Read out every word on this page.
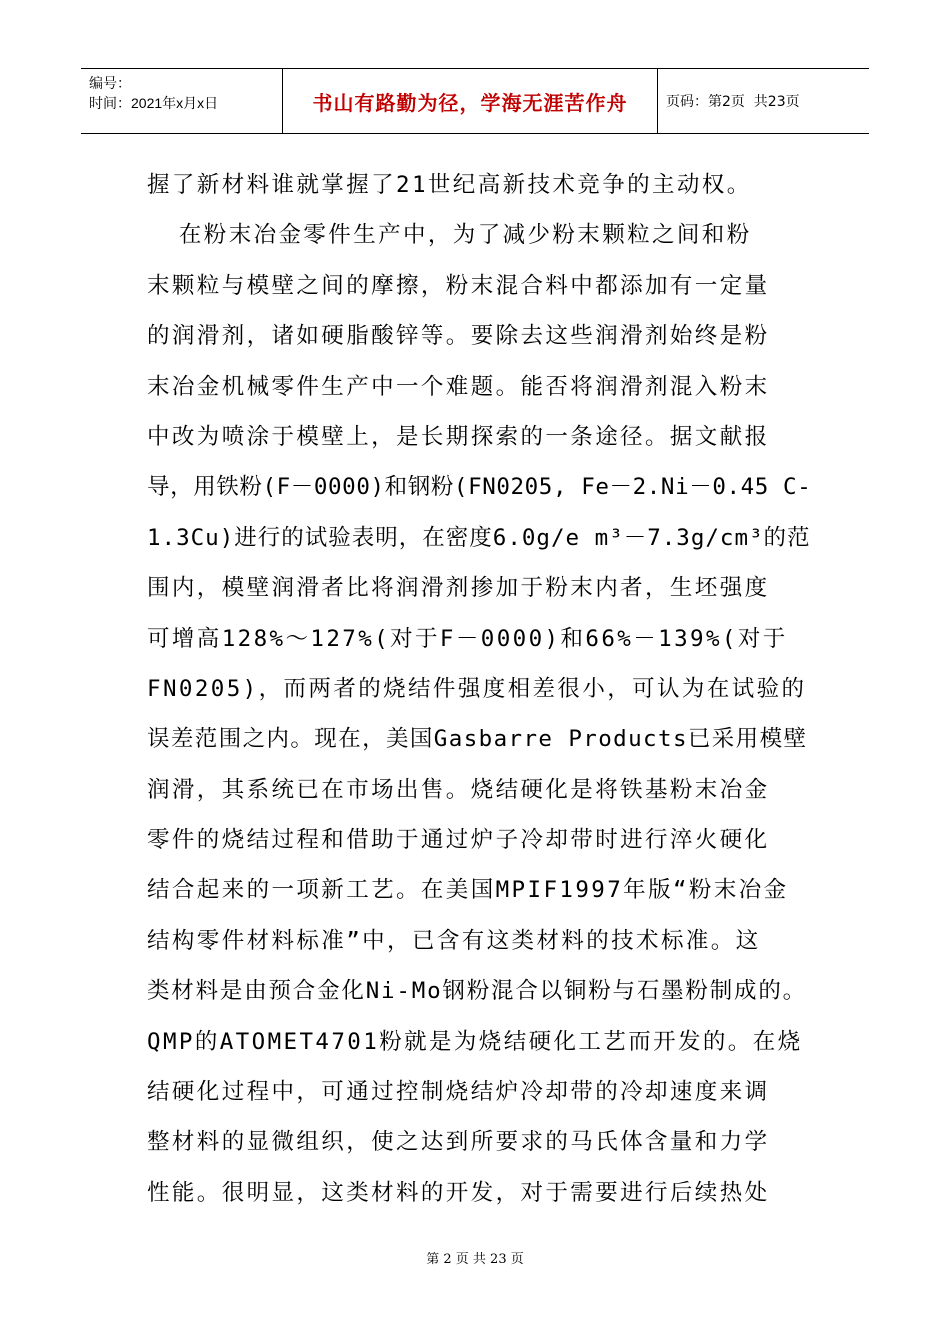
编号：
时间：2021年x月x日	书山有路勤为径，学海无涯苦作舟	页码：第2页  共23页
握了新材料谁就掌握了21世纪高新技术竞争的主动权。
在粉末冶金零件生产中，为了减少粉末颗粒之间和粉
末颗粒与模壁之间的摩擦，粉末混合料中都添加有一定量
的润滑剂，诸如硬脂酸锌等。要除去这些润滑剂始终是粉
末冶金机械零件生产中一个难题。能否将润滑剂混入粉末
中改为喷涂于模壁上，是长期探索的一条途径。据文献报
导，用铁粉(F－0000)和钢粉(FN0205, Fe－2.Ni－0.45 C-
1.3Cu)进行的试验表明，在密度6.0g/e m³－7.3g/cm³的范
围内，模壁润滑者比将润滑剂掺加于粉末内者，生坯强度
可增高128%～127%(对于F－0000)和66%－139%(对于
FN0205)，而两者的烧结件强度相差很小，可认为在试验的
误差范围之内。现在，美国Gasbarre Products已采用模壁
润滑，其系统已在市场出售。烧结硬化是将铁基粉末冶金
零件的烧结过程和借助于通过炉子冷却带时进行淬火硬化
结合起来的一项新工艺。在美国MPIF1997年版“粉末冶金
结构零件材料标准”中，已含有这类材料的技术标准。这
类材料是由预合金化Ni-Mo钢粉混合以铜粉与石墨粉制成的。
QMP的ATOMET4701粉就是为烧结硬化工艺而开发的。在烧
结硬化过程中，可通过控制烧结炉冷却带的冷却速度来调
整材料的显微组织，使之达到所要求的马氏体含量和力学
性能。很明显，这类材料的开发，对于需要进行后续热处
第 2 页 共 23 页
